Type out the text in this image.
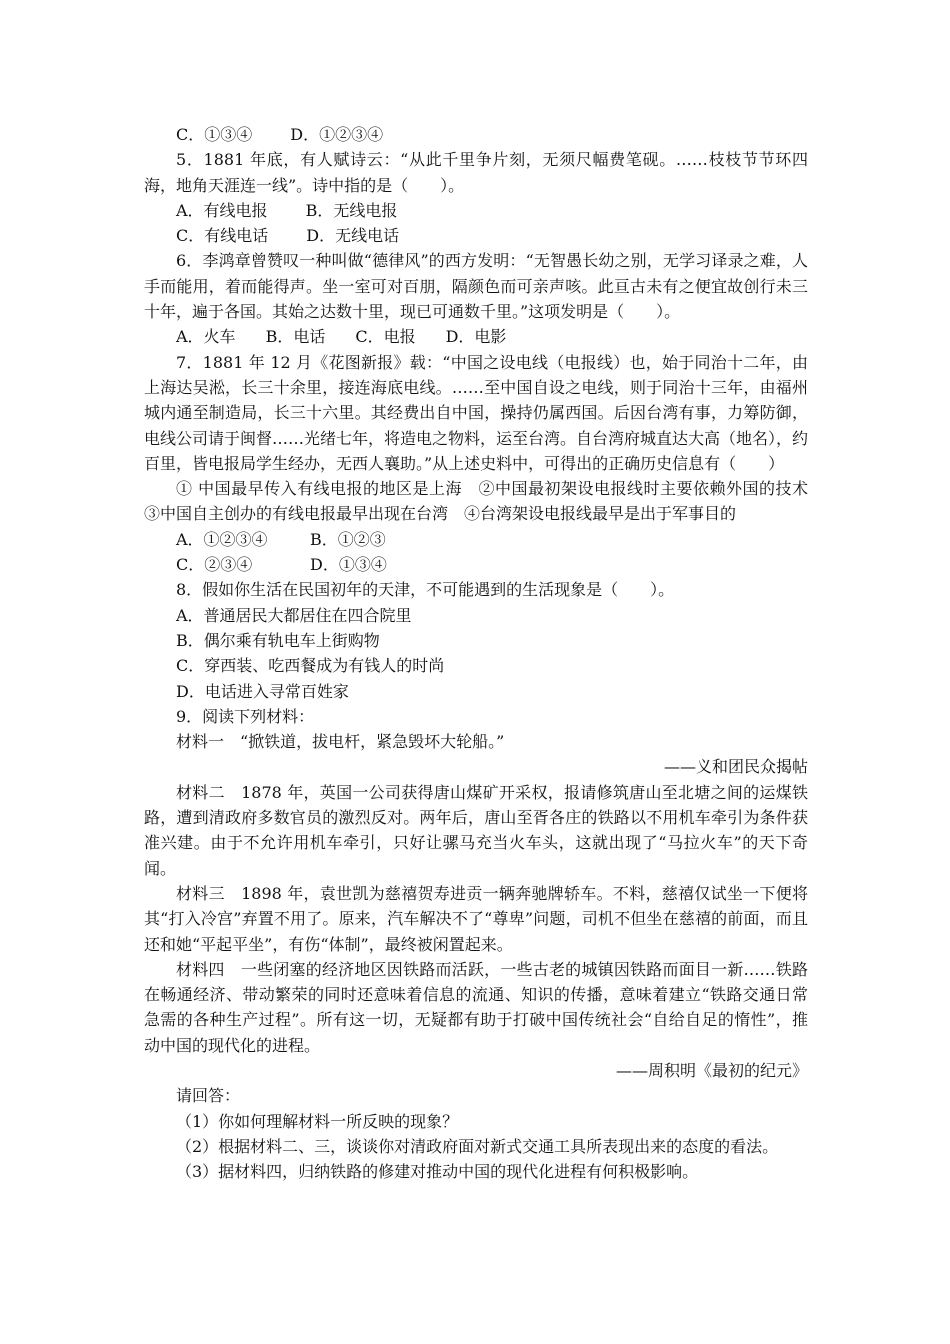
C．①③④ D．①②③④

5．1881 年底，有人赋诗云：“从此千里争片刻，无须尺幅费笔砚。……枝枝节节环四海，地角天涯连一线”。诗中指的是（　　）。

A．有线电报 B．无线电报

C．有线电话 D．无线电话

6．李鸿章曾赞叹一种叫做“德律风”的西方发明：“无智愚长幼之别，无学习译录之难，人手而能用，着而能得声。坐一室可对百朋，隔颜色而可亲声咳。此亘古未有之便宜故创行未三十年，遍于各国。其始之达数十里，现已可通数千里。”这项发明是（　　）。

A．火车 B．电话 C．电报 D．电影

7．1881 年 12 月《花图新报》载：“中国之设电线（电报线）也，始于同治十二年，由上海达吴淞，长三十余里，接连海底电线。……至中国自设之电线，则于同治十三年，由福州城内通至制造局，长三十六里。其经费出自中国，操持仍属西国。后因台湾有事，力筹防御，电线公司请于闽督……光绪七年，将造电之物料，运至台湾。自台湾府城直达大高（地名），约百里，皆电报局学生经办，无西人襄助。”从上述史料中，可得出的正确历史信息有（　　）

① 中国最早传入有线电报的地区是上海　②中国最初架设电报线时主要依赖外国的技术　③中国自主创办的有线电报最早出现在台湾　④台湾架设电报线最早是出于军事目的

A．①②③④	B．①②③

C．②③④	D．①③④

8．假如你生活在民国初年的天津，不可能遇到的生活现象是（　　）。

A．普通居民大都居住在四合院里

B．偶尔乘有轨电车上街购物

C．穿西装、吃西餐成为有钱人的时尚

D．电话进入寻常百姓家

9．阅读下列材料：

材料一　“掀铁道，拔电杆，紧急毁坏大轮船。”

——义和团民众揭帖

材料二　1878 年，英国一公司获得唐山煤矿开采权，报请修筑唐山至北塘之间的运煤铁路，遭到清政府多数官员的激烈反对。两年后，唐山至胥各庄的铁路以不用机车牵引为条件获准兴建。由于不允许用机车牵引，只好让骡马充当火车头，这就出现了“马拉火车”的天下奇闻。

材料三　1898 年，袁世凯为慈禧贺寿进贡一辆奔驰牌轿车。不料，慈禧仅试坐一下便将其“打入冷宫”弃置不用了。原来，汽车解决不了“尊卑”问题，司机不但坐在慈禧的前面，而且还和她“平起平坐”，有伤“体制”，最终被闲置起来。

材料四　一些闭塞的经济地区因铁路而活跃，一些古老的城镇因铁路而面目一新……铁路在畅通经济、带动繁荣的同时还意味着信息的流通、知识的传播，意味着建立“铁路交通日常急需的各种生产过程”。所有这一切，无疑都有助于打破中国传统社会“自给自足的惰性”，推动中国的现代化的进程。

——周积明《最初的纪元》

请回答：

（1）你如何理解材料一所反映的现象？

（2）根据材料二、三，谈谈你对清政府面对新式交通工具所表现出来的态度的看法。

（3）据材料四，归纳铁路的修建对推动中国的现代化进程有何积极影响。
